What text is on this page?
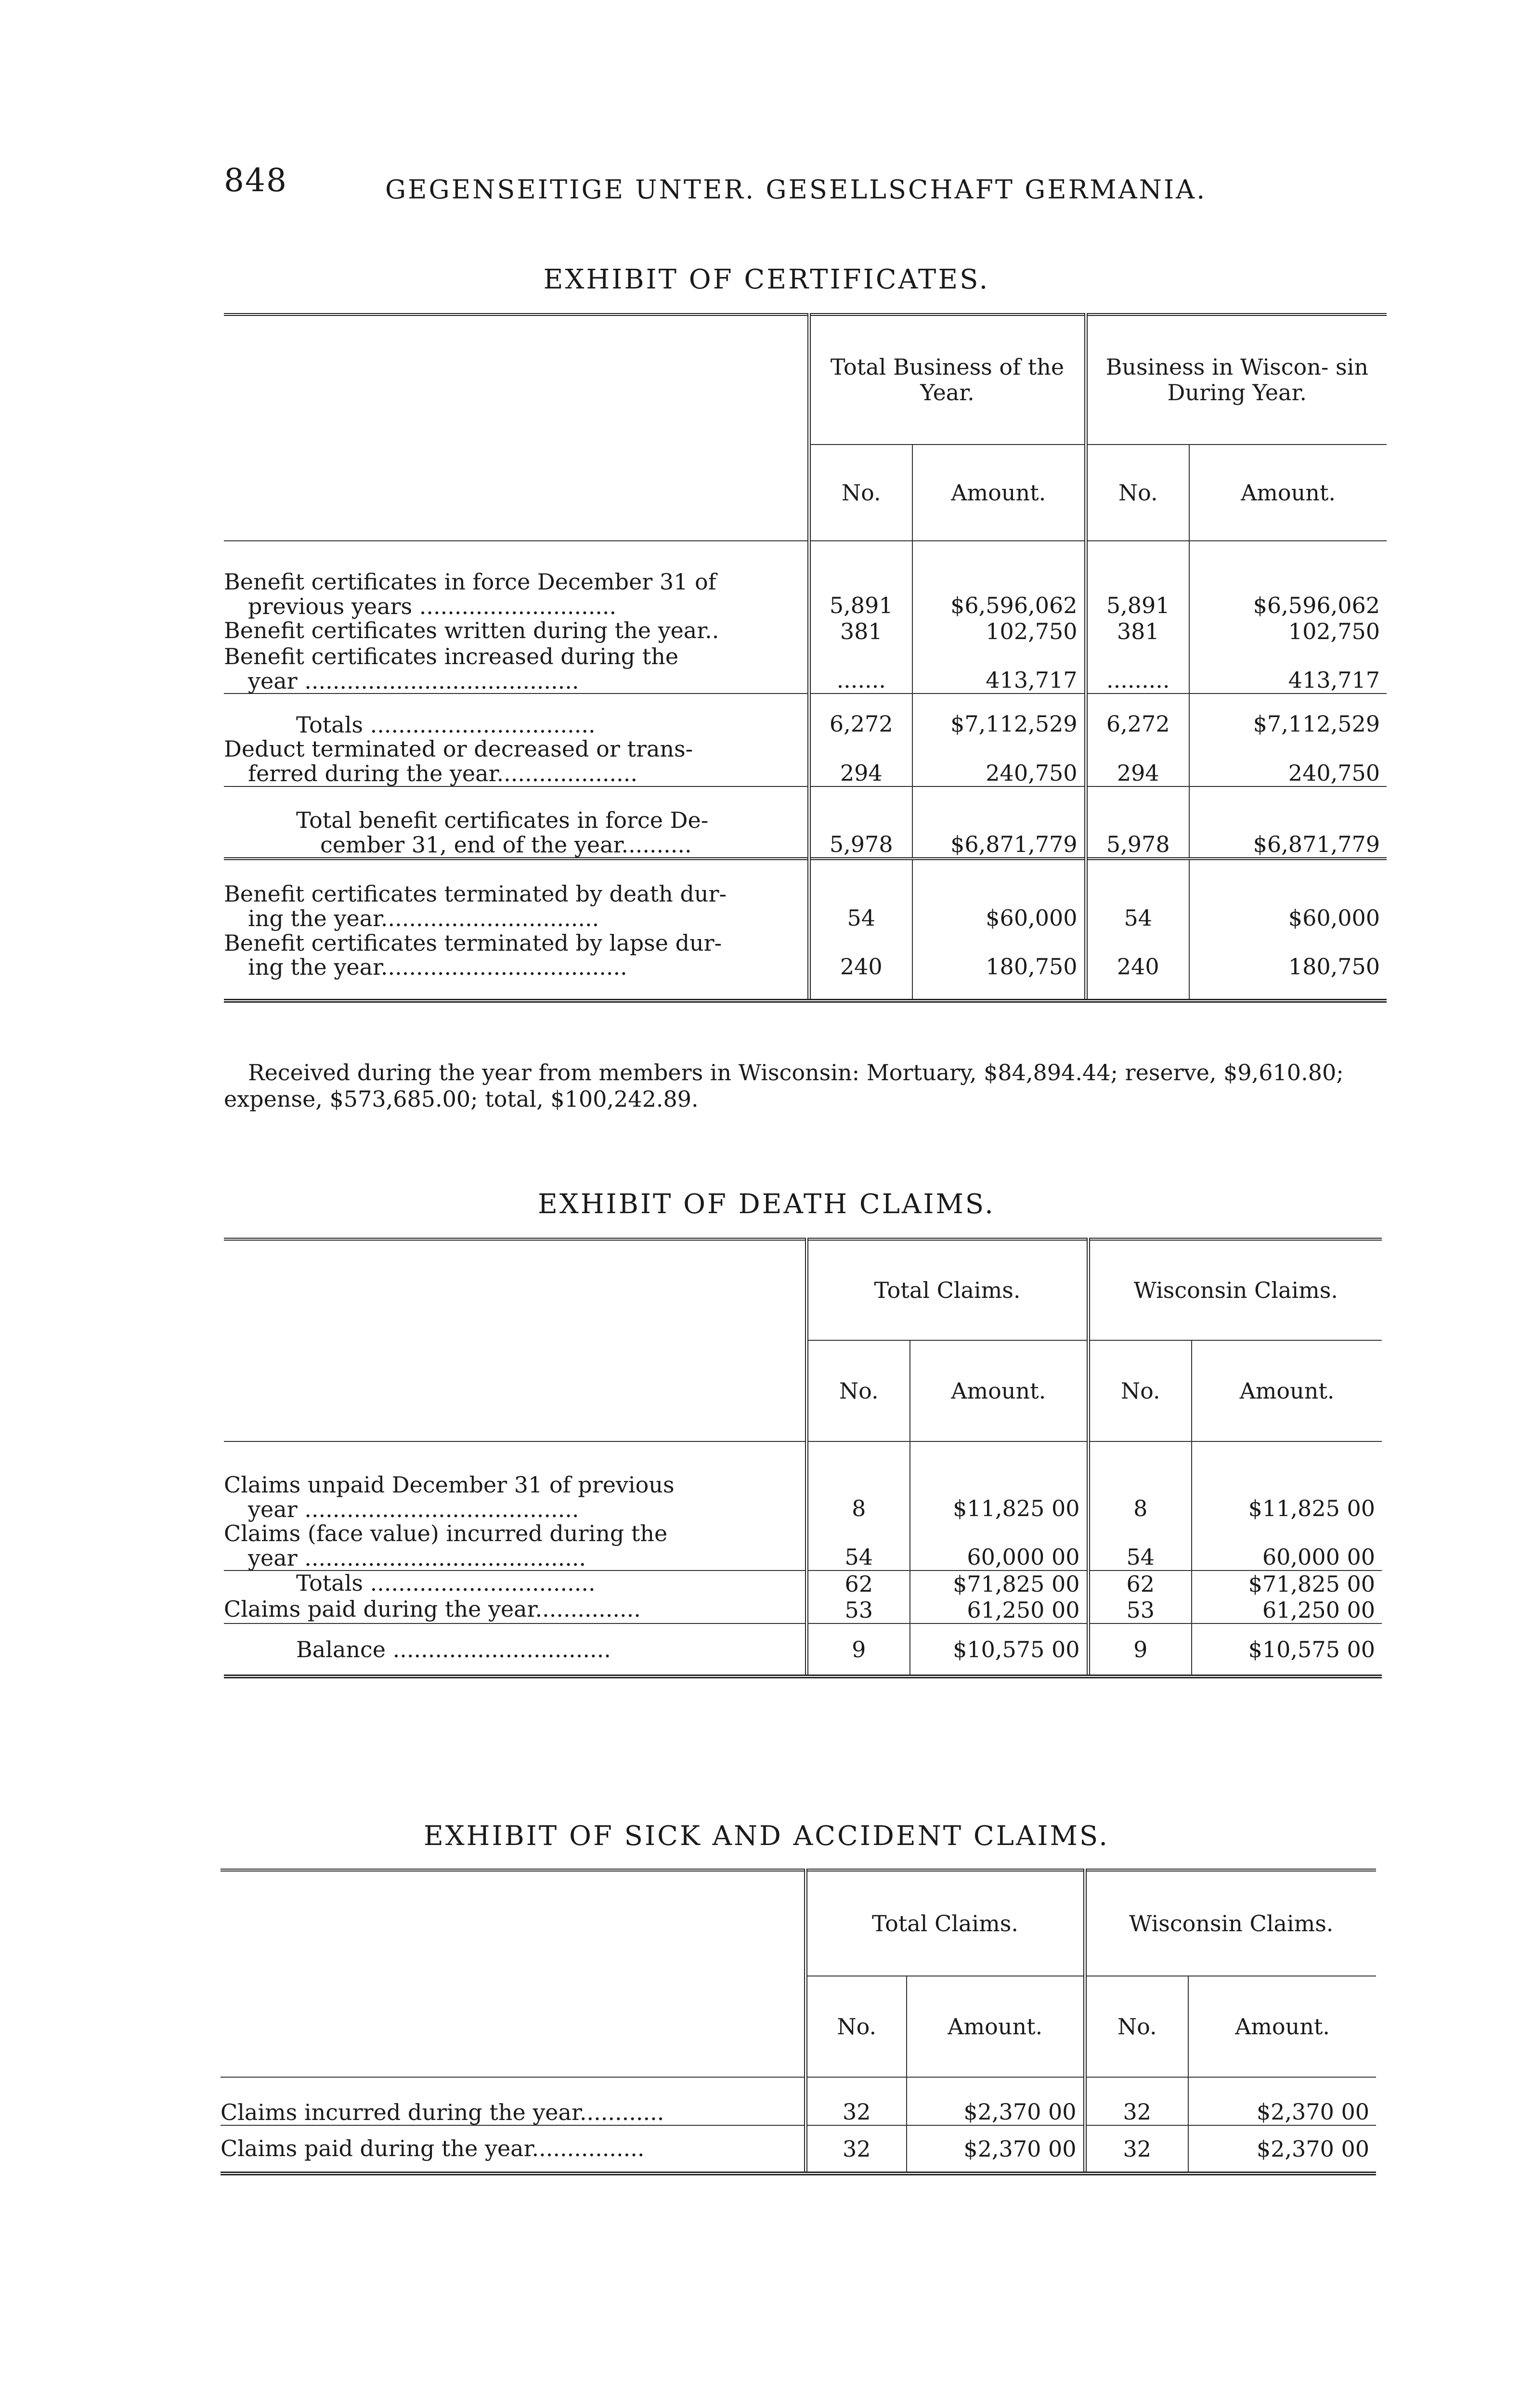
848	GEGENSEITIGE UNTER. GESELLSCHAFT GERMANIA.
EXHIBIT OF CERTIFICATES.
	Total Business of the Year.		Business in Wiscon- sin During Year.	
	No.	Amount.	No.	Amount.

Benefit certificates in force December 31 of
previous years ............................	5,891	$6,596,062	5,891	$6,596,062

Benefit certificates written during the year..	381	102,750	381	102,750

Benefit certificates increased during the
year .......................................	.......	413,717	.........	413,717

Totals ................................	6,272	$7,112,529	6,272	$7,112,529

Deduct terminated or decreased or trans-
ferred during the year....................	294	240,750	294	240,750

Total benefit certificates in force De-
cember 31, end of the year..........	5,978	$6,871,779	5,978	$6,871,779

Benefit certificates terminated by death dur-
ing the year...............................	54	$60,000	54	$60,000

Benefit certificates terminated by lapse dur-
ing the year...................................	240	180,750	240	180,750
Received during the year from members in Wisconsin: Mortuary, $84,894.44; reserve, $9,610.80; expense, $573,685.00; total, $100,242.89.
EXHIBIT OF DEATH CLAIMS.
	Total Claims.		Wisconsin Claims.	
	No.	Amount.	No.	Amount.

Claims unpaid December 31 of previous
year .......................................	8	$11,825 00	8	$11,825 00

Claims (face value) incurred during the
year ........................................	54	60,000 00	54	60,000 00

Totals ................................	62	$71,825 00	62	$71,825 00

Claims paid during the year...............	53	61,250 00	53	61,250 00

Balance ...............................	9	$10,575 00	9	$10,575 00
EXHIBIT OF SICK AND ACCIDENT CLAIMS.
	Total Claims.		Wisconsin Claims.	
	No.	Amount.	No.	Amount.

Claims incurred during the year............	32	$2,370 00	32	$2,370 00

Claims paid during the year................	32	$2,370 00	32	$2,370 00
